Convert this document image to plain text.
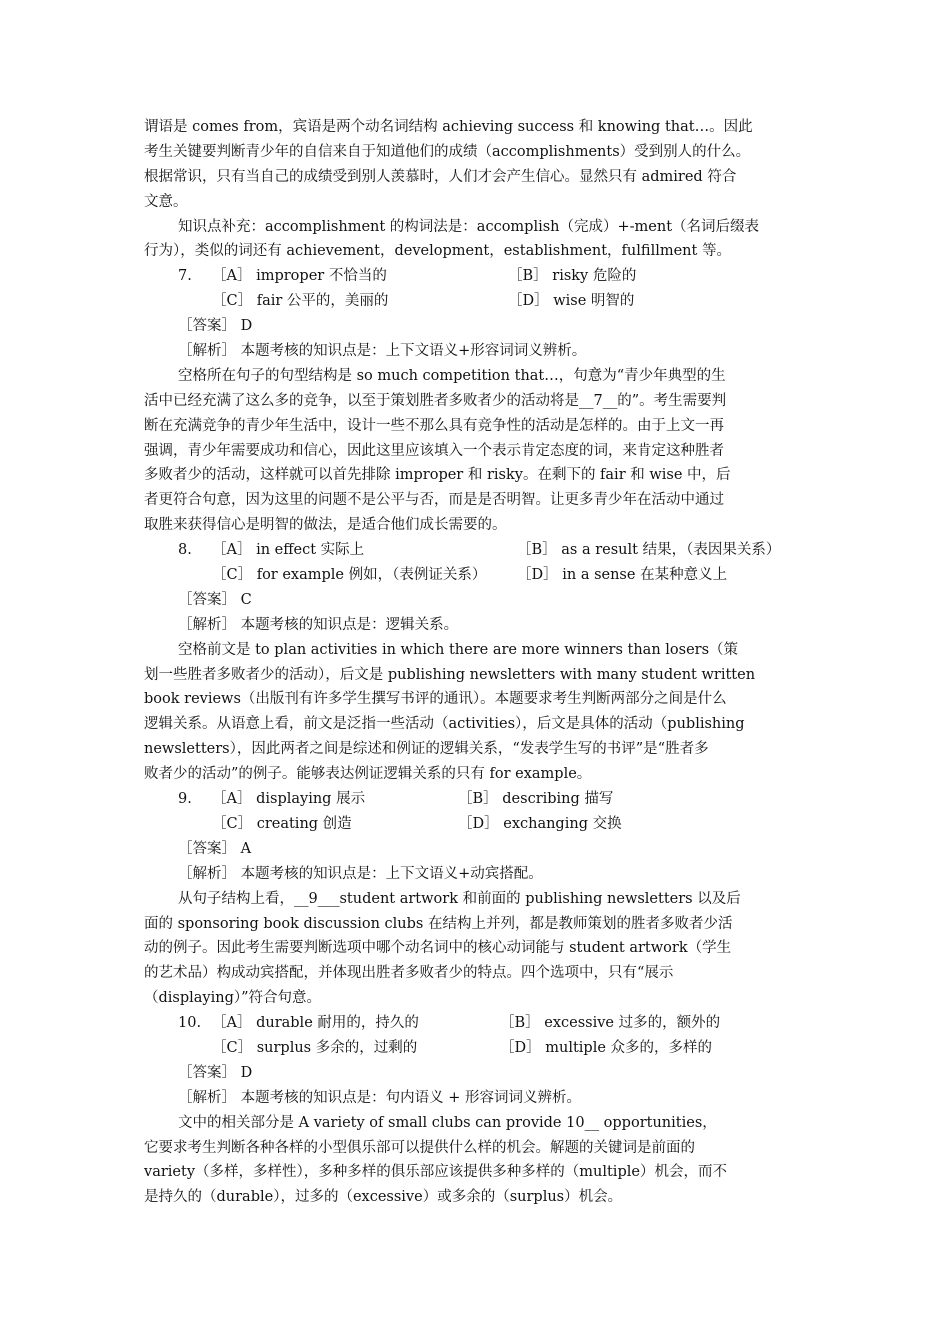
谓语是 comes from，宾语是两个动名词结构 achieving success 和 knowing that…。因此
考生关键要判断青少年的自信来自于知道他们的成绩（accomplishments）受到别人的什么。
根据常识，只有当自己的成绩受到别人羡慕时，人们才会产生信心。显然只有 admired 符合
文意。
知识点补充：accomplishment 的构词法是：accomplish（完成）+-ment（名词后缀表
行为），类似的词还有 achievement，development，establishment，fulfillment 等。
7. ［A］ improper 不恰当的	［B］ risky 危险的
［C］ fair 公平的，美丽的	［D］ wise 明智的
［答案］ D
［解析］ 本题考核的知识点是：上下文语义+形容词词义辨析。
空格所在句子的句型结构是 so much competition that…，句意为“青少年典型的生
活中已经充满了这么多的竞争，以至于策划胜者多败者少的活动将是__7__的”。考生需要判
断在充满竞争的青少年生活中，设计一些不那么具有竞争性的活动是怎样的。由于上文一再
强调，青少年需要成功和信心，因此这里应该填入一个表示肯定态度的词，来肯定这种胜者
多败者少的活动，这样就可以首先排除 improper 和 risky。在剩下的 fair 和 wise 中，后
者更符合句意，因为这里的问题不是公平与否，而是是否明智。让更多青少年在活动中通过
取胜来获得信心是明智的做法，是适合他们成长需要的。
8. ［A］ in effect 实际上	［B］ as a result 结果，（表因果关系）
［C］ for example 例如，（表例证关系） ［D］ in a sense 在某种意义上
［答案］ C
［解析］ 本题考核的知识点是：逻辑关系。
空格前文是 to plan activities in which there are more winners than losers（策
划一些胜者多败者少的活动），后文是 publishing newsletters with many student written
book reviews（出版刊有许多学生撰写书评的通讯）。本题要求考生判断两部分之间是什么
逻辑关系。从语意上看，前文是泛指一些活动（activities），后文是具体的活动（publishing
newsletters），因此两者之间是综述和例证的逻辑关系，“发表学生写的书评”是“胜者多
败者少的活动”的例子。能够表达例证逻辑关系的只有 for example。
9. ［A］ displaying 展示	［B］ describing 描写
［C］ creating 创造	［D］ exchanging 交换
［答案］ A
［解析］ 本题考核的知识点是：上下文语义+动宾搭配。
从句子结构上看，__9___student artwork 和前面的 publishing newsletters 以及后
面的 sponsoring book discussion clubs 在结构上并列，都是教师策划的胜者多败者少活
动的例子。因此考生需要判断选项中哪个动名词中的核心动词能与 student artwork（学生
的艺术品）构成动宾搭配，并体现出胜者多败者少的特点。四个选项中，只有“展示
（displaying）”符合句意。
10. ［A］ durable 耐用的，持久的	［B］ excessive 过多的，额外的
［C］ surplus 多余的，过剩的	［D］ multiple 众多的，多样的
［答案］ D
［解析］ 本题考核的知识点是：句内语义 + 形容词词义辨析。
文中的相关部分是 A variety of small clubs can provide 10__ opportunities，
它要求考生判断各种各样的小型俱乐部可以提供什么样的机会。解题的关键词是前面的
variety（多样，多样性），多种多样的俱乐部应该提供多种多样的（multiple）机会，而不
是持久的（durable），过多的（excessive）或多余的（surplus）机会。
